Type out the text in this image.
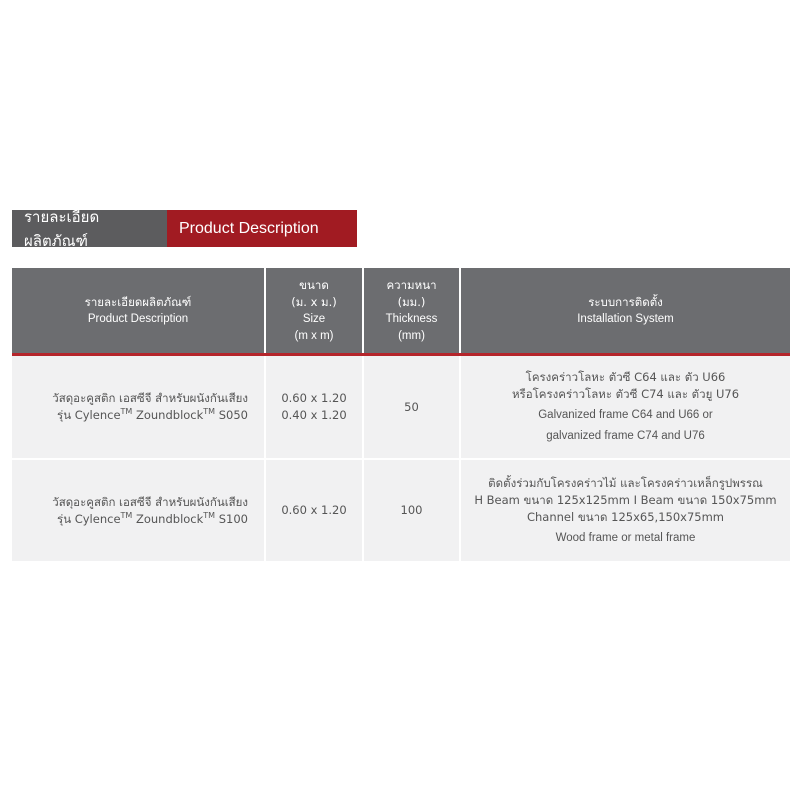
รายละเอียดผลิตภัณฑ์
Product Description
รายละเอียดผลิตภัณฑ์
Product Description
ขนาด
(ม. x ม.)
Size
(m x m)
ความหนา
(มม.)
Thickness
(mm)
ระบบการติดตั้ง
Installation System
วัสดุอะคูสติก เอสซีจี สำหรับผนังกันเสียง
รุ่น Cylence™ Zoundblock™ S050
0.60 x 1.20
0.40 x 1.20
50
โครงคร่าวโลหะ ตัวซี C64 และ ตัว U66
หรือโครงคร่าวโลหะ ตัวซี C74 และ ตัวยู U76
Galvanized frame C64 and U66 or
galvanized frame C74 and U76
วัสดุอะคูสติก เอสซีจี สำหรับผนังกันเสียง
รุ่น Cylence™ Zoundblock™ S100
0.60 x 1.20	100
ติดตั้งร่วมกับโครงคร่าวไม้ และโครงคร่าวเหล็กรูปพรรณ
H Beam ขนาด 125x125mm I Beam ขนาด 150x75mm
Channel ขนาด 125x65,150x75mm
Wood frame or metal frame
